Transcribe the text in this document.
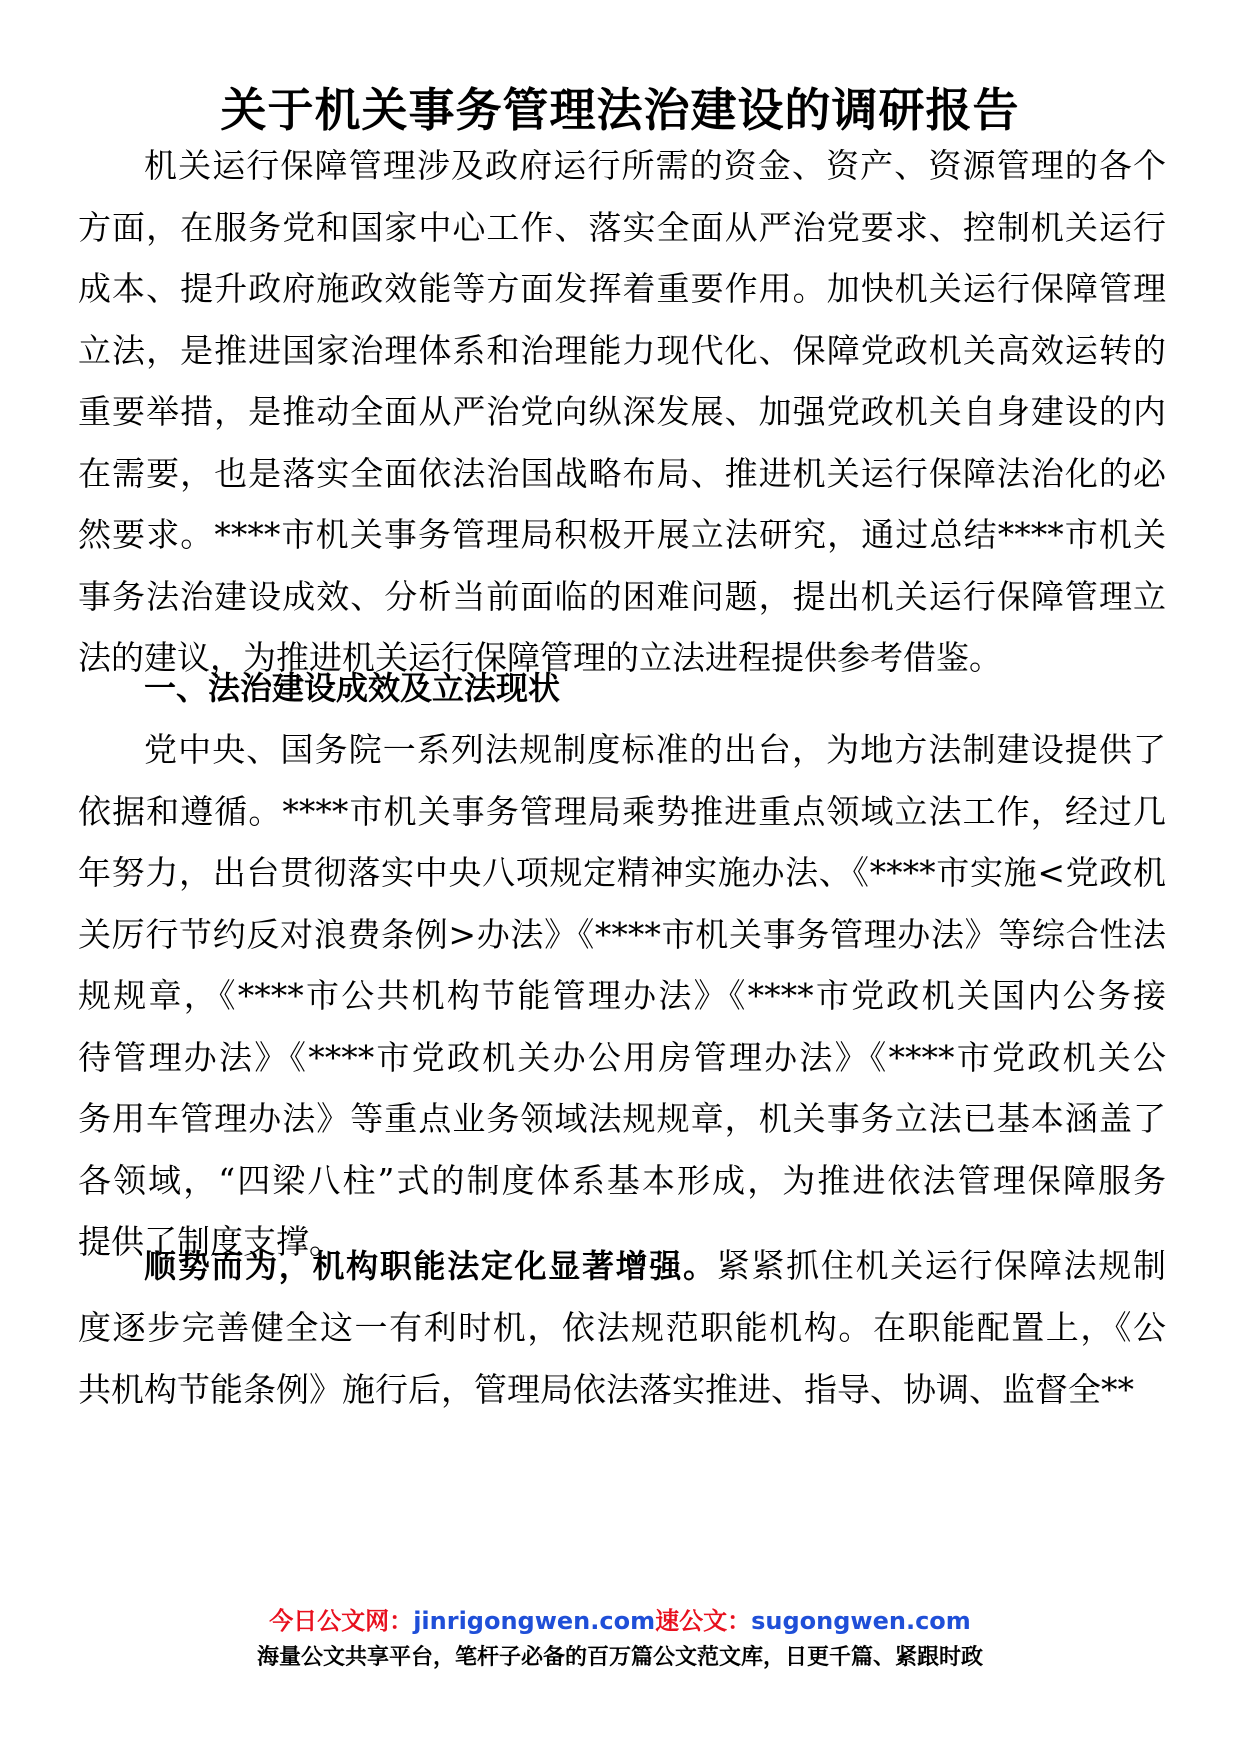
关于机关事务管理法治建设的调研报告
机关运行保障管理涉及政府运行所需的资金、资产、资源管理的各个
方面，在服务党和国家中心工作、落实全面从严治党要求、控制机关运行
成本、提升政府施政效能等方面发挥着重要作用。加快机关运行保障管理
立法，是推进国家治理体系和治理能力现代化、保障党政机关高效运转的
重要举措，是推动全面从严治党向纵深发展、加强党政机关自身建设的内
在需要，也是落实全面依法治国战略布局、推进机关运行保障法治化的必
然要求。****市机关事务管理局积极开展立法研究，通过总结****市机关
事务法治建设成效、分析当前面临的困难问题，提出机关运行保障管理立
法的建议，为推进机关运行保障管理的立法进程提供参考借鉴。
一、法治建设成效及立法现状
党中央、国务院一系列法规制度标准的出台，为地方法制建设提供了
依据和遵循。****市机关事务管理局乘势推进重点领域立法工作，经过几
年努力，出台贯彻落实中央八项规定精神实施办法、《****市实施<党政机
关厉行节约反对浪费条例>办法》《****市机关事务管理办法》等综合性法
规规章，《****市公共机构节能管理办法》《****市党政机关国内公务接
待管理办法》《****市党政机关办公用房管理办法》《****市党政机关公
务用车管理办法》等重点业务领域法规规章，机关事务立法已基本涵盖了
各领域，“四梁八柱”式的制度体系基本形成，为推进依法管理保障服务
提供了制度支撑。
顺势而为，机构职能法定化显著增强。紧紧抓住机关运行保障法规制
度逐步完善健全这一有利时机，依法规范职能机构。在职能配置上，《公
共机构节能条例》施行后，管理局依法落实推进、指导、协调、监督全**
今日公文网：jinrigongwen.com速公文：sugongwen.com
海量公文共享平台，笔杆子必备的百万篇公文范文库，日更千篇、紧跟时政
